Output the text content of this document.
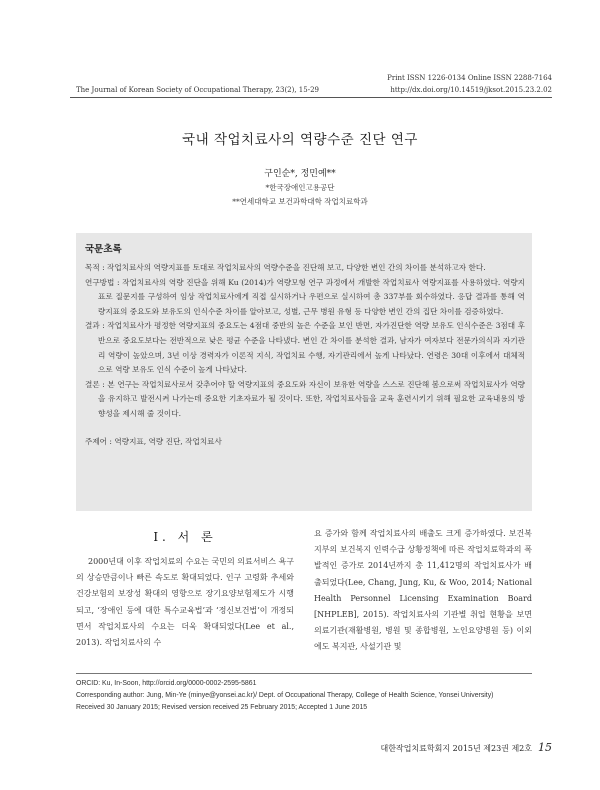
Print ISSN 1226-0134 Online ISSN 2288-7164
The Journal of Korean Society of Occupational Therapy, 23(2), 15-29	http://dx.doi.org/10.14519/jksot.2015.23.2.02
국내 작업치료사의 역량수준 진단 연구
구인순*, 정민예**
*한국장애인고용공단
**연세대학교 보건과학대학 작업치료학과
국문초록

목적 : 작업치료사의 역량지표를 토대로 작업치료사의 역량수준을 진단해 보고, 다양한 변인 간의 차이를 분석하고자 한다.

연구방법 : 작업치료사의 역량 진단을 위해 Ku (2014)가 역량모형 연구 과정에서 개발한 작업치료사 역량지표를 사용하였다. 역량지표로 질문지를 구성하여 임상 작업치료사에게 직접 실시하거나 우편으로 실시하여 총 337부를 회수하였다. 응답 결과를 통해 역량지표의 중요도와 보유도의 인식수준 차이를 알아보고, 성별, 근무 병원 유형 등 다양한 변인 간의 집단 차이를 검증하였다.

결과 : 작업치료사가 평정한 역량지표의 중요도는 4점대 중반의 높은 수준을 보인 반면, 자가진단한 역량 보유도 인식수준은 3점대 후반으로 중요도보다는 전반적으로 낮은 평균 수준을 나타냈다. 변인 간 차이를 분석한 결과, 남자가 여자보다 전문가의식과 자기관리 역량이 높았으며, 3년 이상 경력자가 이론적 지식, 작업치료 수행, 자기관리에서 높게 나타났다. 연령은 30대 이후에서 대체적으로 역량 보유도 인식 수준이 높게 나타났다.

결론 : 본 연구는 작업치료사로서 갖추어야 할 역량지표의 중요도와 자신이 보유한 역량을 스스로 진단해 봄으로써 작업치료사가 역량을 유지하고 발전시켜 나가는데 중요한 기초자료가 될 것이다. 또한, 작업치료사들을 교육 훈련시키기 위해 필요한 교육내용의 방향성을 제시해 줄 것이다.

주제어 : 역량지표, 역량 진단, 작업치료사

Ⅰ. 서 론
2000년대 이후 작업치료의 수요는 국민의 의료서비스 욕구의 상승만큼이나 빠른 속도로 확대되었다. 인구 고령화 추세와 건강보험의 보장성 확대의 영향으로 장기요양보험제도가 시행되고, ‘장애인 등에 대한 특수교육법’과 ‘정신보건법’이 개정되면서 작업치료사의 수요는 더욱 확대되었다(Lee et al., 2013). 작업치료사의 수
요 증가와 함께 작업치료사의 배출도 크게 증가하였다. 보건복지부의 보건복지 인력수급 상황정책에 따른 작업치료학과의 폭발적인 증가로 2014년까지 총 11,412명의 작업치료사가 배출되었다(Lee, Chang, Jung, Ku, & Woo, 2014; National Health Personnel Licensing Examination Board [NHPLEB], 2015). 작업치료사의 기관별 취업 현황을 보면 의료기관(재활병원, 병원 및 종합병원, 노인요양병원 등) 이외에도 복지관, 사설기관 및
ORCID: Ku, In-Soon, http://orcid.org/0000-0002-2595-5861
Corresponding author: Jung, Min-Ye (minye@yonsei.ac.kr)/ Dept. of Occupational Therapy, College of Health Science, Yonsei University)
Received 30 January 2015; Revised version received 25 February 2015; Accepted 1 June 2015
대한작업치료학회지 2015년 제23권 제2호 15
